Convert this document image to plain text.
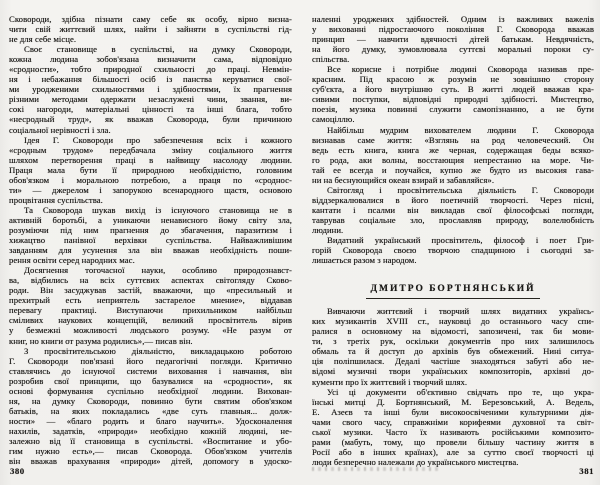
Сковороди, здібна пізнати саму себе як особу, вірно визна-
чити свій життєвий шлях, найти і зайняти в суспільстві гід-
не для себе місце.
Своє становище в суспільстві, на думку Сковороди,
кожна людина зобов'язана визначити сама, відповідно
«сродности», тобто природної схильності до праці. Невмін-
ня і небажання більшості осіб із панства керуватися свої-
ми уродженими схильностями і здібностями, їх прагнення
різними методами одержати незаслужені чини, звання, ви-
сокі нагороди, матеріальні цінності та інші блага, тобто
«несродный труд», як вважав Сковорода, були причиною
соціальної нерівності і зла.
Ідея Г. Сковороди про забезпечення всіх і кожного
«сродным трудом» передбачала зміну соціального життя
шляхом перетворення праці в найвищу насолоду людини.
Праця мала бути її природною необхідністю, головним
обов'язком і моральною потребою, а праця по «сроднос-
ти» — джерелом і запорукою всенародного щастя, основою
процвітання суспільства.
Та Сковорода шукав вихід із існуючого становища не в
активній боротьбі, а уникаючи ненависного йому світу зла,
розуміючи під ним прагнення до збагачення, паразитизм і
хижацтво панівної верхівки суспільства. Найважливішим
завданням для усунення зла він вважав необхідність поши-
рення освіти серед народних мас.
Досягнення тогочасної науки, особливо природознавст-
ва, відбились на всіх суттєвих аспектах світогляду Сково-
роди. Він засуджував застій, вважаючи, що «пресильный и
прехитрый есть неприятель застарелое мнение», віддавав
перевагу практиці. Виступаючи прихильником найбільш
сміливих наукових концепцій, великий просвітитель вірив
у безмежні можливості людського розуму. «Не разум от
книг, но книги от разума родились»,— писав він.
З просвітительською діяльністю, викладацькою роботою
Г. Сковороди пов'язані його педагогічні погляди. Критично
ставлячись до існуючої системи виховання і навчання, він
розробив свої принципи, що базувалися на «сродности», як
основі формування суспільно необхідної людини. Вихован-
ня, на думку Сковороди, повинно бути святим обов'язком
батьків, на яких покладались «две суть главныя... долж-
ности» — «благо родить и благо научить». Удосконалення
нахилів, задатків, «природи» необхідно кожній людині, не-
залежно від її становища в суспільстві. «Воспитание и убо-
гим нужно есть»,— писав Сковорода. Обов'язком учителів
він вважав врахування «природи» дітей, допомогу в удоско-
наленні уроджених здібностей. Одним із важливих важелів
у вихованні підростаючого покоління Г. Сковорода вважав
принцип — навчити вдячності дітей батькам. Невдячність,
на його думку, зумовлювала суттєві моральні пороки су-
спільства.
Все корисне і потрібне людині Сковорода називав пре-
красним. Під красою ж розумів не зовнішню сторону
суб'єкта, а його внутрішню суть. В житті людей вважав кра-
сивими поступки, відповідні природні здібності. Мистецтво,
поезія, музика повинні служити самопізнанню, а не бути
самоціллю.
Найбільш мудрим вихователем людини Г. Сковорода
визнавав саме життя: «Взглянь на род человеческий. Он
ведь есть книга, книга же черная, содержащая беды всяко-
го рода, аки волны, восстающия непрестанно на море. Чи-
тай ее всегда и поучайся, купно же будто из высокия гава-
ни на беснующийся океан взирай и забавляйся».
Світогляд і просвітительська діяльність Г. Сковороди
віддзеркалювалися в його поетичній творчості. Через пісні,
кантати і псалми він викладав свої філософські погляди,
таврував соціальне зло, прославляв природу, волелюбність
людини.
Видатний український просвітитель, філософ і поет Гри-
горій Сковорода своєю творчою спадщиною і сьогодні за-
лишається разом з народом.
ДМИТРО БОРТНЯНСЬКИЙ
Вивчаючи життєвий і творчий шлях видатних українсь-
ких музикантів XVIII ст., науковці до останнього часу спи-
ралися в основному на відомості, запозичені, так би мови-
ти, з третіх рук, оскільки документів про них залишилось
обмаль та й доступ до архівів був обмежений. Нині ситуа-
ція поліпшилася. Дедалі частіше знаходяться забуті або не-
відомі музичні твори українських композиторів, архівні до-
кументи про їх життєвий і творчий шлях.
Усі ці документи об'єктивно свідчать про те, що укра-
їнські митці Д. Бортнянський, М. Березовський, А. Ведель,
Е. Азеєв та інші були високоосвіченими культурними дія-
чами свого часу, справжніми корифеями духовної та світ-
ської музики. Часто їх називають російськими композито-
рами (мабуть, тому, що провели більшу частину життя в
Росії або в інших країнах), але за суттю своєї творчості ці
люди безперечно належали до українського мистецтва.
380	381
